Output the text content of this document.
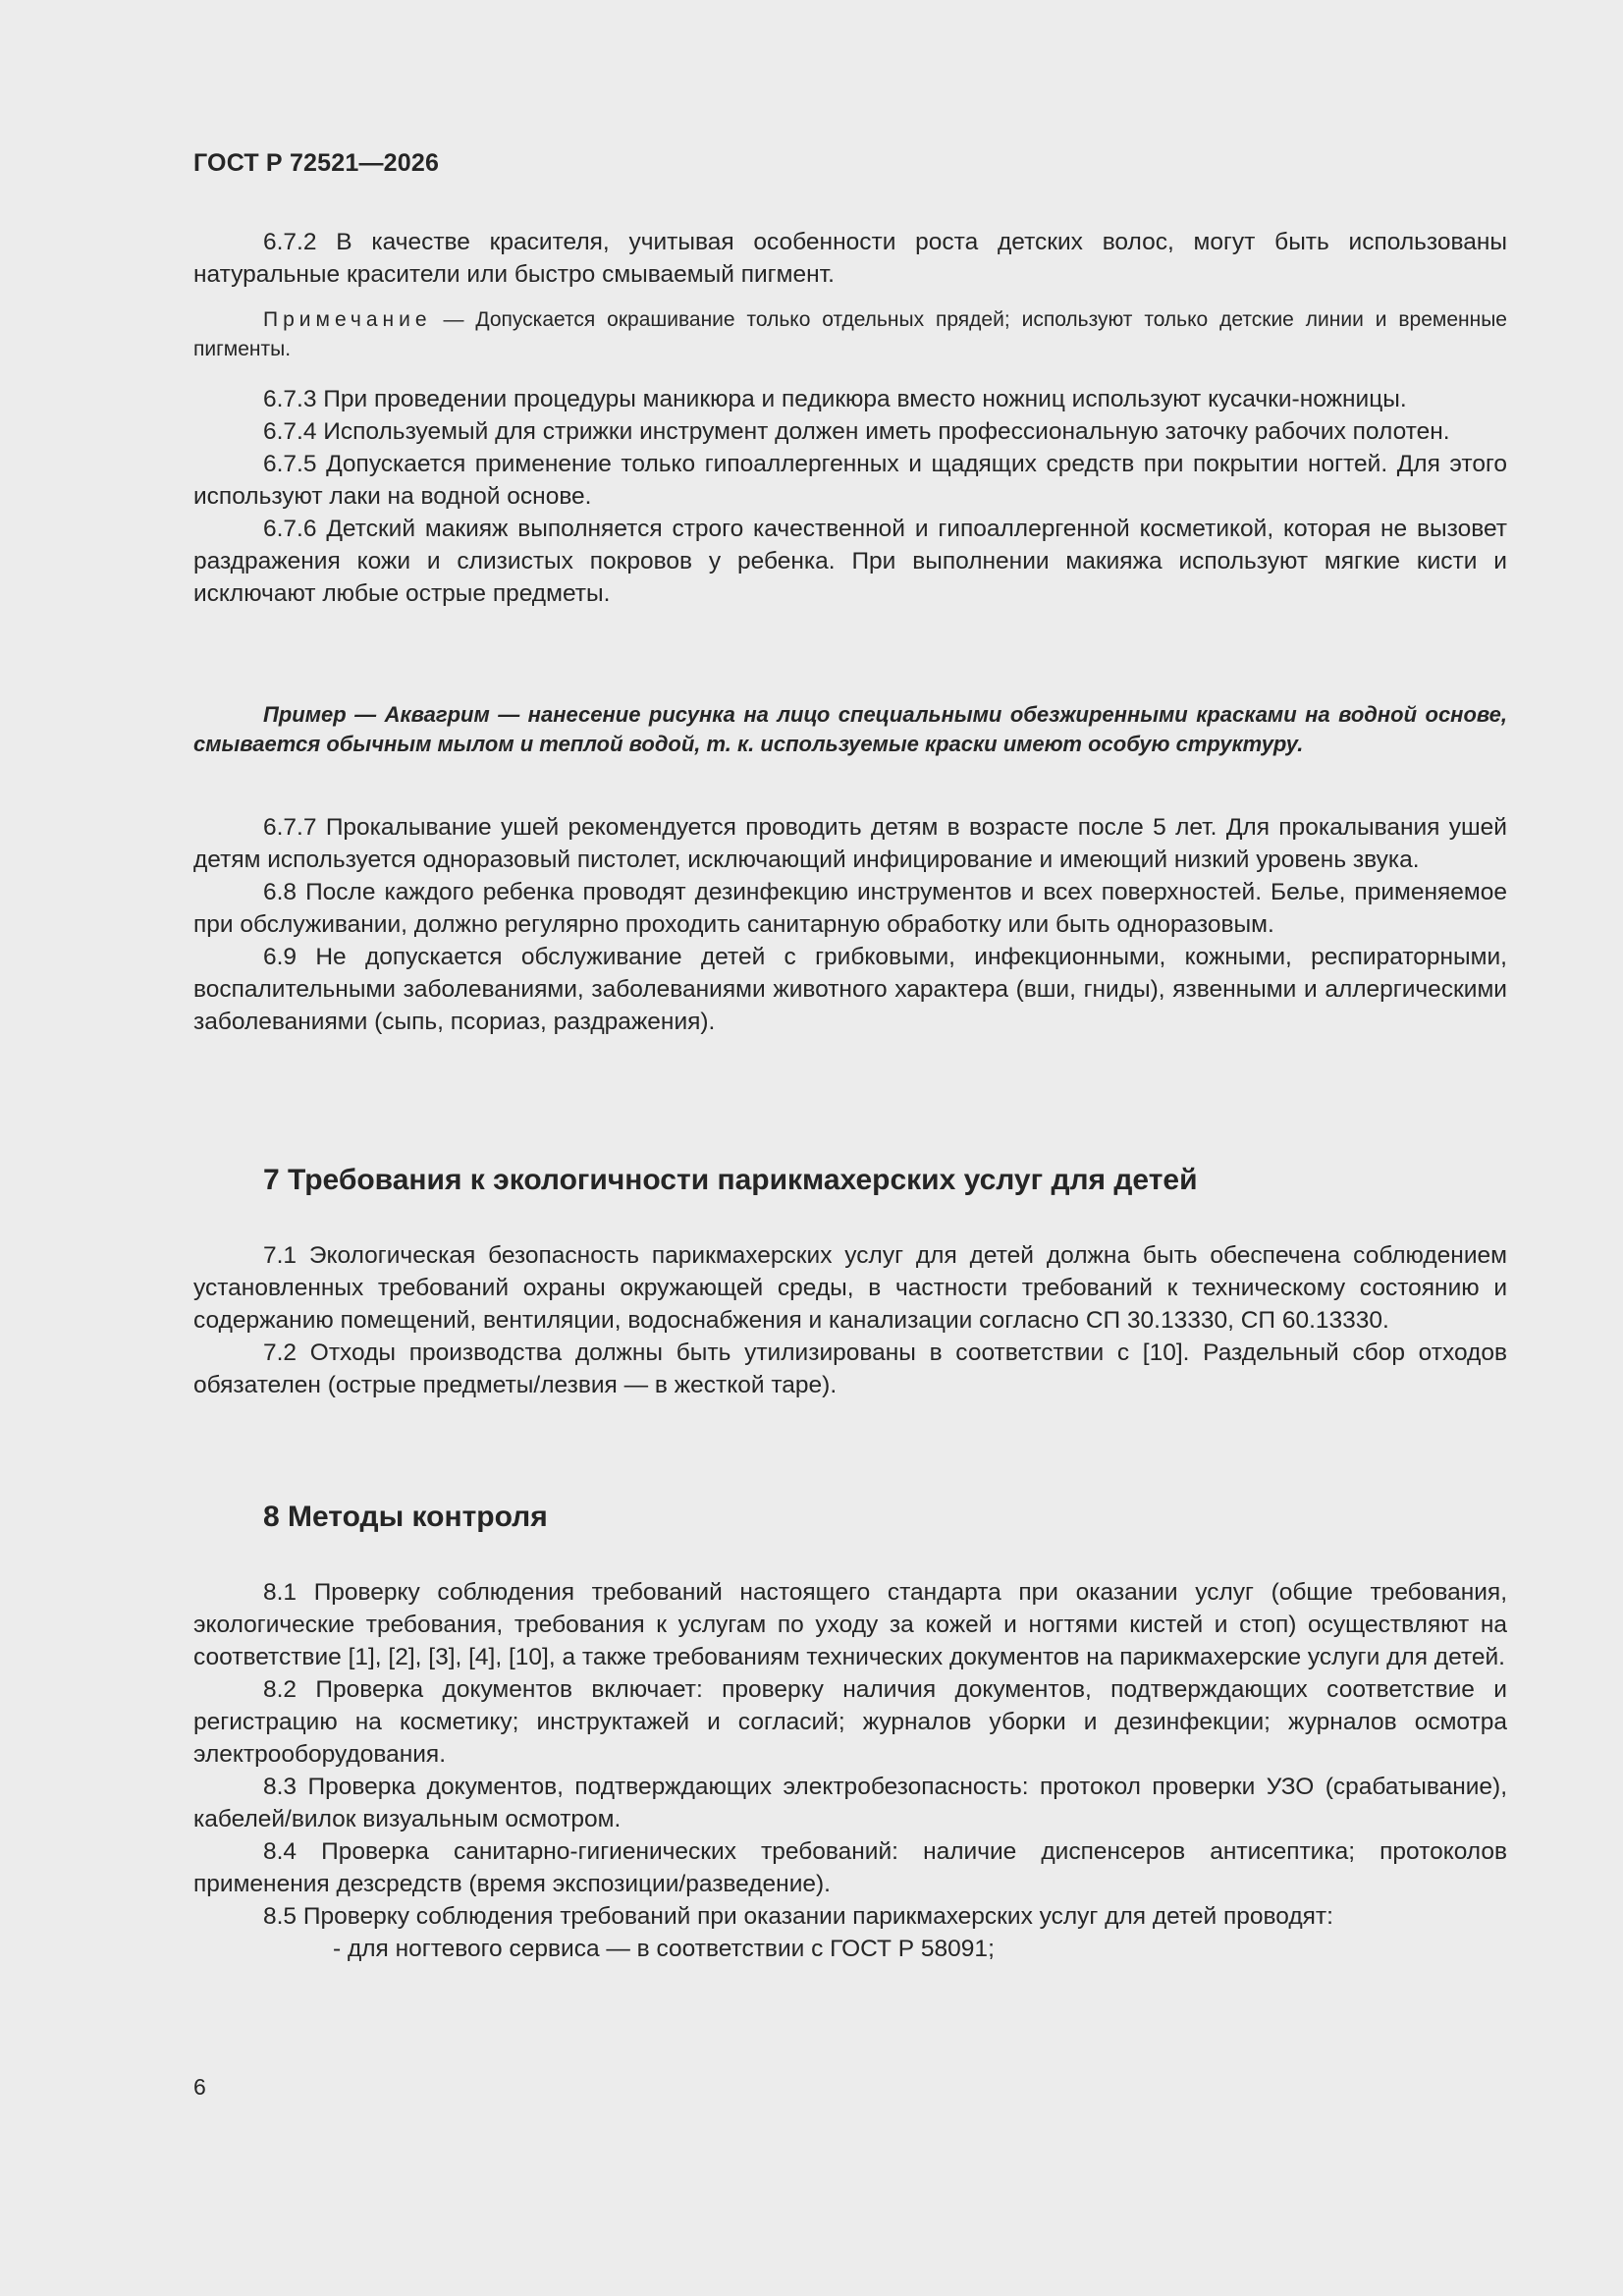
ГОСТ Р 72521—2026

6.7.2 В качестве красителя, учитывая особенности роста детских волос, могут быть использованы натуральные красители или быстро смываемый пигмент.

Примечание — Допускается окрашивание только отдельных прядей; используют только детские линии и временные пигменты.

6.7.3 При проведении процедуры маникюра и педикюра вместо ножниц используют кусачки-ножницы.

6.7.4 Используемый для стрижки инструмент должен иметь профессиональную заточку рабочих полотен.

6.7.5 Допускается применение только гипоаллергенных и щадящих средств при покрытии ногтей. Для этого используют лаки на водной основе.

6.7.6 Детский макияж выполняется строго качественной и гипоаллергенной косметикой, которая не вызовет раздражения кожи и слизистых покровов у ребенка. При выполнении макияжа используют мягкие кисти и исключают любые острые предметы.

Пример — Аквагрим — нанесение рисунка на лицо специальными обезжиренными красками на водной основе, смывается обычным мылом и теплой водой, т. к. используемые краски имеют особую структуру.

6.7.7 Прокалывание ушей рекомендуется проводить детям в возрасте после 5 лет. Для прокалывания ушей детям используется одноразовый пистолет, исключающий инфицирование и имеющий низкий уровень звука.

6.8 После каждого ребенка проводят дезинфекцию инструментов и всех поверхностей. Белье, применяемое при обслуживании, должно регулярно проходить санитарную обработку или быть одноразовым.

6.9 Не допускается обслуживание детей с грибковыми, инфекционными, кожными, респираторными, воспалительными заболеваниями, заболеваниями животного характера (вши, гниды), язвенными и аллергическими заболеваниями (сыпь, псориаз, раздражения).

7 Требования к экологичности парикмахерских услуг для детей

7.1 Экологическая безопасность парикмахерских услуг для детей должна быть обеспечена соблюдением установленных требований охраны окружающей среды, в частности требований к техническому состоянию и содержанию помещений, вентиляции, водоснабжения и канализации согласно СП 30.13330, СП 60.13330.

7.2 Отходы производства должны быть утилизированы в соответствии с [10]. Раздельный сбор отходов обязателен (острые предметы/лезвия — в жесткой таре).

8 Методы контроля

8.1 Проверку соблюдения требований настоящего стандарта при оказании услуг (общие требования, экологические требования, требования к услугам по уходу за кожей и ногтями кистей и стоп) осуществляют на соответствие [1], [2], [3], [4], [10], а также требованиям технических документов на парикмахерские услуги для детей.

8.2 Проверка документов включает: проверку наличия документов, подтверждающих соответствие и регистрацию на косметику; инструктажей и согласий; журналов уборки и дезинфекции; журналов осмотра электрооборудования.

8.3 Проверка документов, подтверждающих электробезопасность: протокол проверки УЗО (срабатывание), кабелей/вилок визуальным осмотром.

8.4 Проверка санитарно-гигиенических требований: наличие диспенсеров антисептика; протоколов применения дезсредств (время экспозиции/разведение).

8.5 Проверку соблюдения требований при оказании парикмахерских услуг для детей проводят:

- для ногтевого сервиса — в соответствии с ГОСТ Р 58091;

6
